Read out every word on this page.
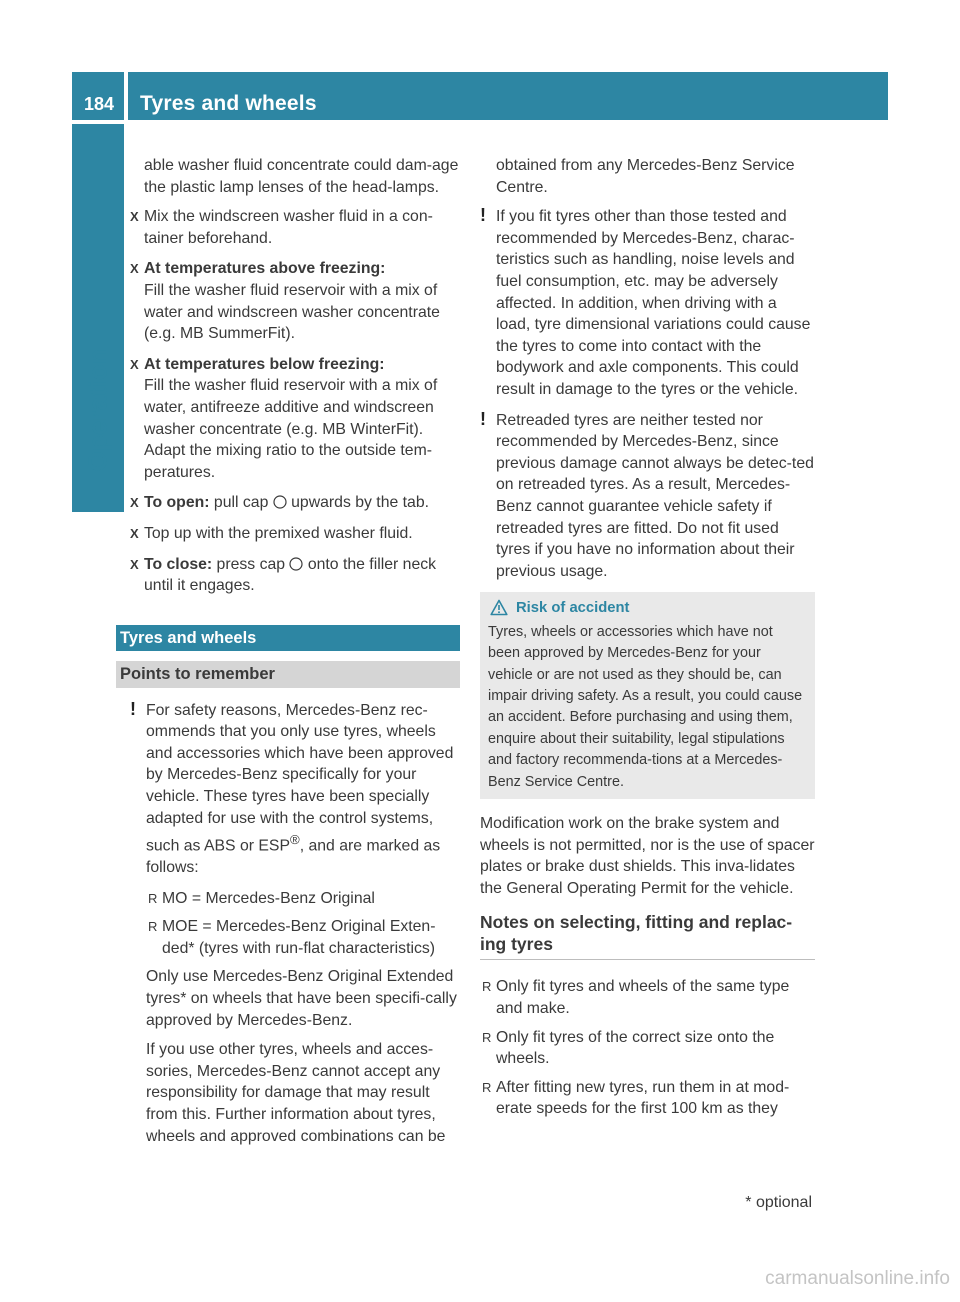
184 Tyres and wheels
Operation

able washer fluid concentrate could dam-age the plastic lamp lenses of the head-lamps.

X Mix the windscreen washer fluid in a con-tainer beforehand.
X At temperatures above freezing:
Fill the washer fluid reservoir with a mix of water and windscreen washer concentrate (e.g. MB SummerFit).
X At temperatures below freezing:
Fill the washer fluid reservoir with a mix of water, antifreeze additive and windscreen washer concentrate (e.g. MB WinterFit). Adapt the mixing ratio to the outside tem-peratures.
X To open: pull cap
upwards by the tab.
X Top up with the premixed washer fluid.
X To close: press cap
onto the filler neck until it engages.
Tyres and wheels
Points to remember
! For safety reasons, Mercedes-Benz rec-ommends that you only use tyres, wheels and accessories which have been approved by Mercedes-Benz specifically for your vehicle. These tyres have been specially adapted for use with the control systems, such as ABS or ESP®, and are marked as follows:
R MO = Mercedes-Benz Original
R MOE = Mercedes-Benz Original Exten-ded* (tyres with run-flat characteristics)

Only use Mercedes-Benz Original Extended tyres* on wheels that have been specifi-cally approved by Mercedes-Benz.

If you use other tyres, wheels and acces-sories, Mercedes-Benz cannot accept any responsibility for damage that may result from this. Further information about tyres, wheels and approved combinations can be

obtained from any Mercedes-Benz Service Centre.

! If you fit tyres other than those tested and recommended by Mercedes-Benz, charac-teristics such as handling, noise levels and fuel consumption, etc. may be adversely affected. In addition, when driving with a load, tyre dimensional variations could cause the tyres to come into contact with the bodywork and axle components. This could result in damage to the tyres or the vehicle.
! Retreaded tyres are neither tested nor recommended by Mercedes-Benz, since previous damage cannot always be detec-ted on retreaded tyres. As a result, Mercedes-Benz cannot guarantee vehicle safety if retreaded tyres are fitted. Do not fit used tyres if you have no information about their previous usage.
Risk of accident
Tyres, wheels or accessories which have not been approved by Mercedes-Benz for your vehicle or are not used as they should be, can impair driving safety. As a result, you could cause an accident. Before purchasing and using them, enquire about their suitability, legal stipulations and factory recommenda-tions at a Mercedes-Benz Service Centre.

Modification work on the brake system and wheels is not permitted, nor is the use of spacer plates or brake dust shields. This inva-lidates the General Operating Permit for the vehicle.

Notes on selecting, fitting and replac-ing tyres
R Only fit tyres and wheels of the same type and make.
R Only fit tyres of the correct size onto the wheels.
R After fitting new tyres, run them in at mod-erate speeds for the first 100 km as they
* optional
carmanualsonline.info
